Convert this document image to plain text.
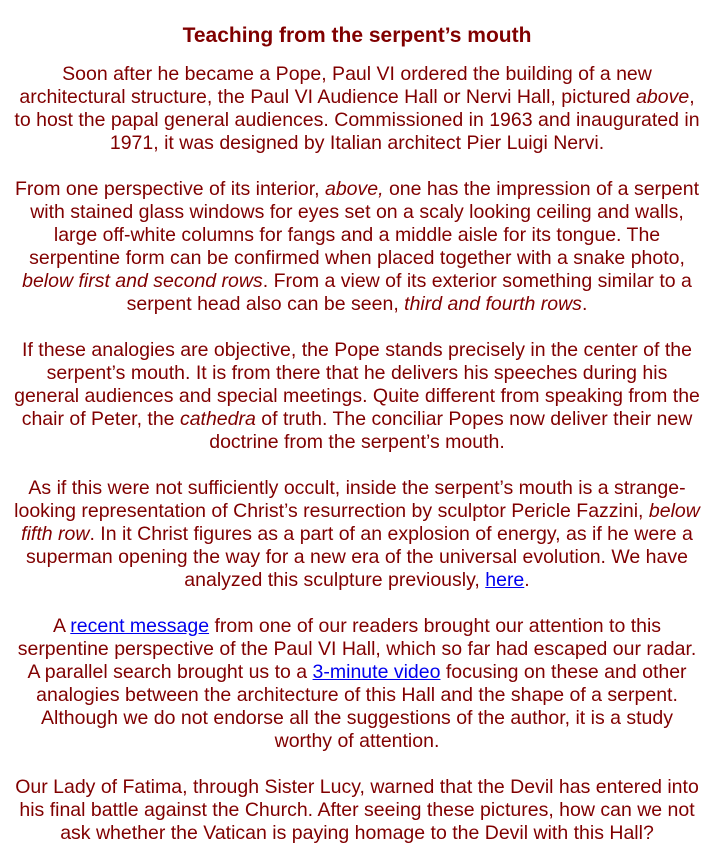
Teaching from the serpent’s mouth

Soon after he became a Pope, Paul VI ordered the building of a new architectural structure, the Paul VI Audience Hall or Nervi Hall, pictured above, to host the papal general audiences. Commissioned in 1963 and inaugurated in 1971, it was designed by Italian architect Pier Luigi Nervi.

From one perspective of its interior, above, one has the impression of a serpent with stained glass windows for eyes set on a scaly looking ceiling and walls, large off-white columns for fangs and a middle aisle for its tongue. The serpentine form can be confirmed when placed together with a snake photo, below first and second rows. From a view of its exterior something similar to a serpent head also can be seen, third and fourth rows.

If these analogies are objective, the Pope stands precisely in the center of the serpent’s mouth. It is from there that he delivers his speeches during his general audiences and special meetings. Quite different from speaking from the chair of Peter, the cathedra of truth. The conciliar Popes now deliver their new doctrine from the serpent’s mouth.

As if this were not sufficiently occult, inside the serpent’s mouth is a strange-looking representation of Christ’s resurrection by sculptor Pericle Fazzini, below fifth row. In it Christ figures as a part of an explosion of energy, as if he were a superman opening the way for a new era of the universal evolution. We have analyzed this sculpture previously, here.

A recent message from one of our readers brought our attention to this serpentine perspective of the Paul VI Hall, which so far had escaped our radar. A parallel search brought us to a 3-minute video focusing on these and other analogies between the architecture of this Hall and the shape of a serpent. Although we do not endorse all the suggestions of the author, it is a study worthy of attention.

Our Lady of Fatima, through Sister Lucy, warned that the Devil has entered into his final battle against the Church. After seeing these pictures, how can we not ask whether the Vatican is paying homage to the Devil with this Hall?
